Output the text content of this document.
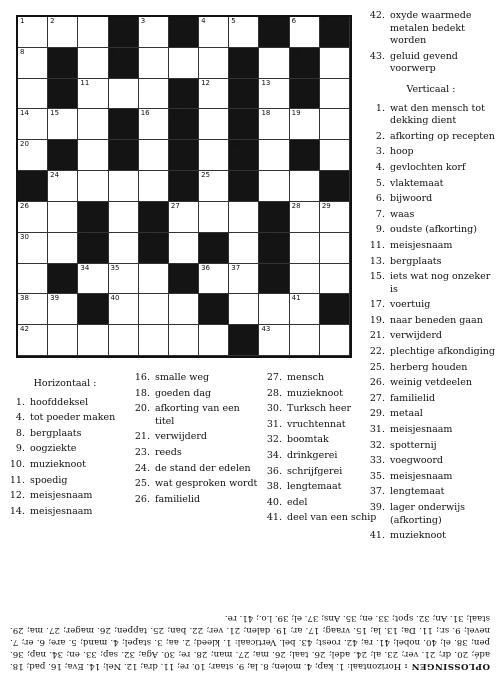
1	2	3	4	5	6	7
8	9	10
11	12	13
14	15	16	17	18	19
20	21	22	23
24	25
26	27	28	29
30	31	32	33
34	35	36	37
38	39	40	41
42	43
42. oxyde waarmede metalen bedekt worden
43. geluid gevend voorwerp
Verticaal :
1. wat den mensch tot dekking dient
2. afkorting op recepten
3. hoop
4. gevlochten korf
5. vlaktemaat
6. bijwoord
7. waas
9. oudste (afkorting)
11. meisjesnaam
13. bergplaats
15. iets wat nog onzeker is
17. voertuig
19. naar beneden gaan
21. verwijderd
22. plechtige afkondiging
25. herberg houden
26. weinig vetdeelen
27. familielid
29. metaal
31. meisjesnaam
32. spotternij
33. voegwoord
35. meisjesnaam
37. lengtemaat
39. lager onderwijs (afkorting)
41. muzieknoot
Horizontaal :
1. hoofddeksel
4. tot poeder maken
8. bergplaats
9. oogziekte
10. muzieknoot
11. spoedig
12. meisjesnaam
14. meisjesnaam
16. smalle weg
18. goeden dag
20. afkorting van een titel
21. verwijderd
23. reeds
24. de stand der edelen
25. wat gesproken wordt
26. familielid
27. mensch
28. muzieknoot
30. Turksch heer
31. vruchtennat
32. boomtak
34. drinkgerei
36. schrijfgerei
38. lengtemaat
40. edel
41. deel van een schip
OPLOSSINGEN : Horizontaal: 1. kap; 4. molen; 8. la; 9. staar; 10. re; 11. dra; 12. Nel; 14. Eva; 16. pad; 18. adé; 20. dr; 21. ver; 23. al; 24. adel; 26. taal; 26. ma; 27. man; 28. re; 30. Aga; 32. sap; 33. en; 34. nap; 36. pen; 38. el; 40. nobel; 41. ra; 42. roest; 43. bel. Verticaal: 1. kleed; 2. aa; 3. stapel; 4. mand; 5. are; 6. er; 7. nevel; 9. sr.; 11. Da; 13. la; 15. vraag; 17. ar; 19. dalen; 21. ver; 22. ban; 25. tappen; 26. mager; 27. ma; 29. staal; 31. An; 32. spot; 33. en; 35. Ans; 37. el; 39. l.o.; 41. re.
